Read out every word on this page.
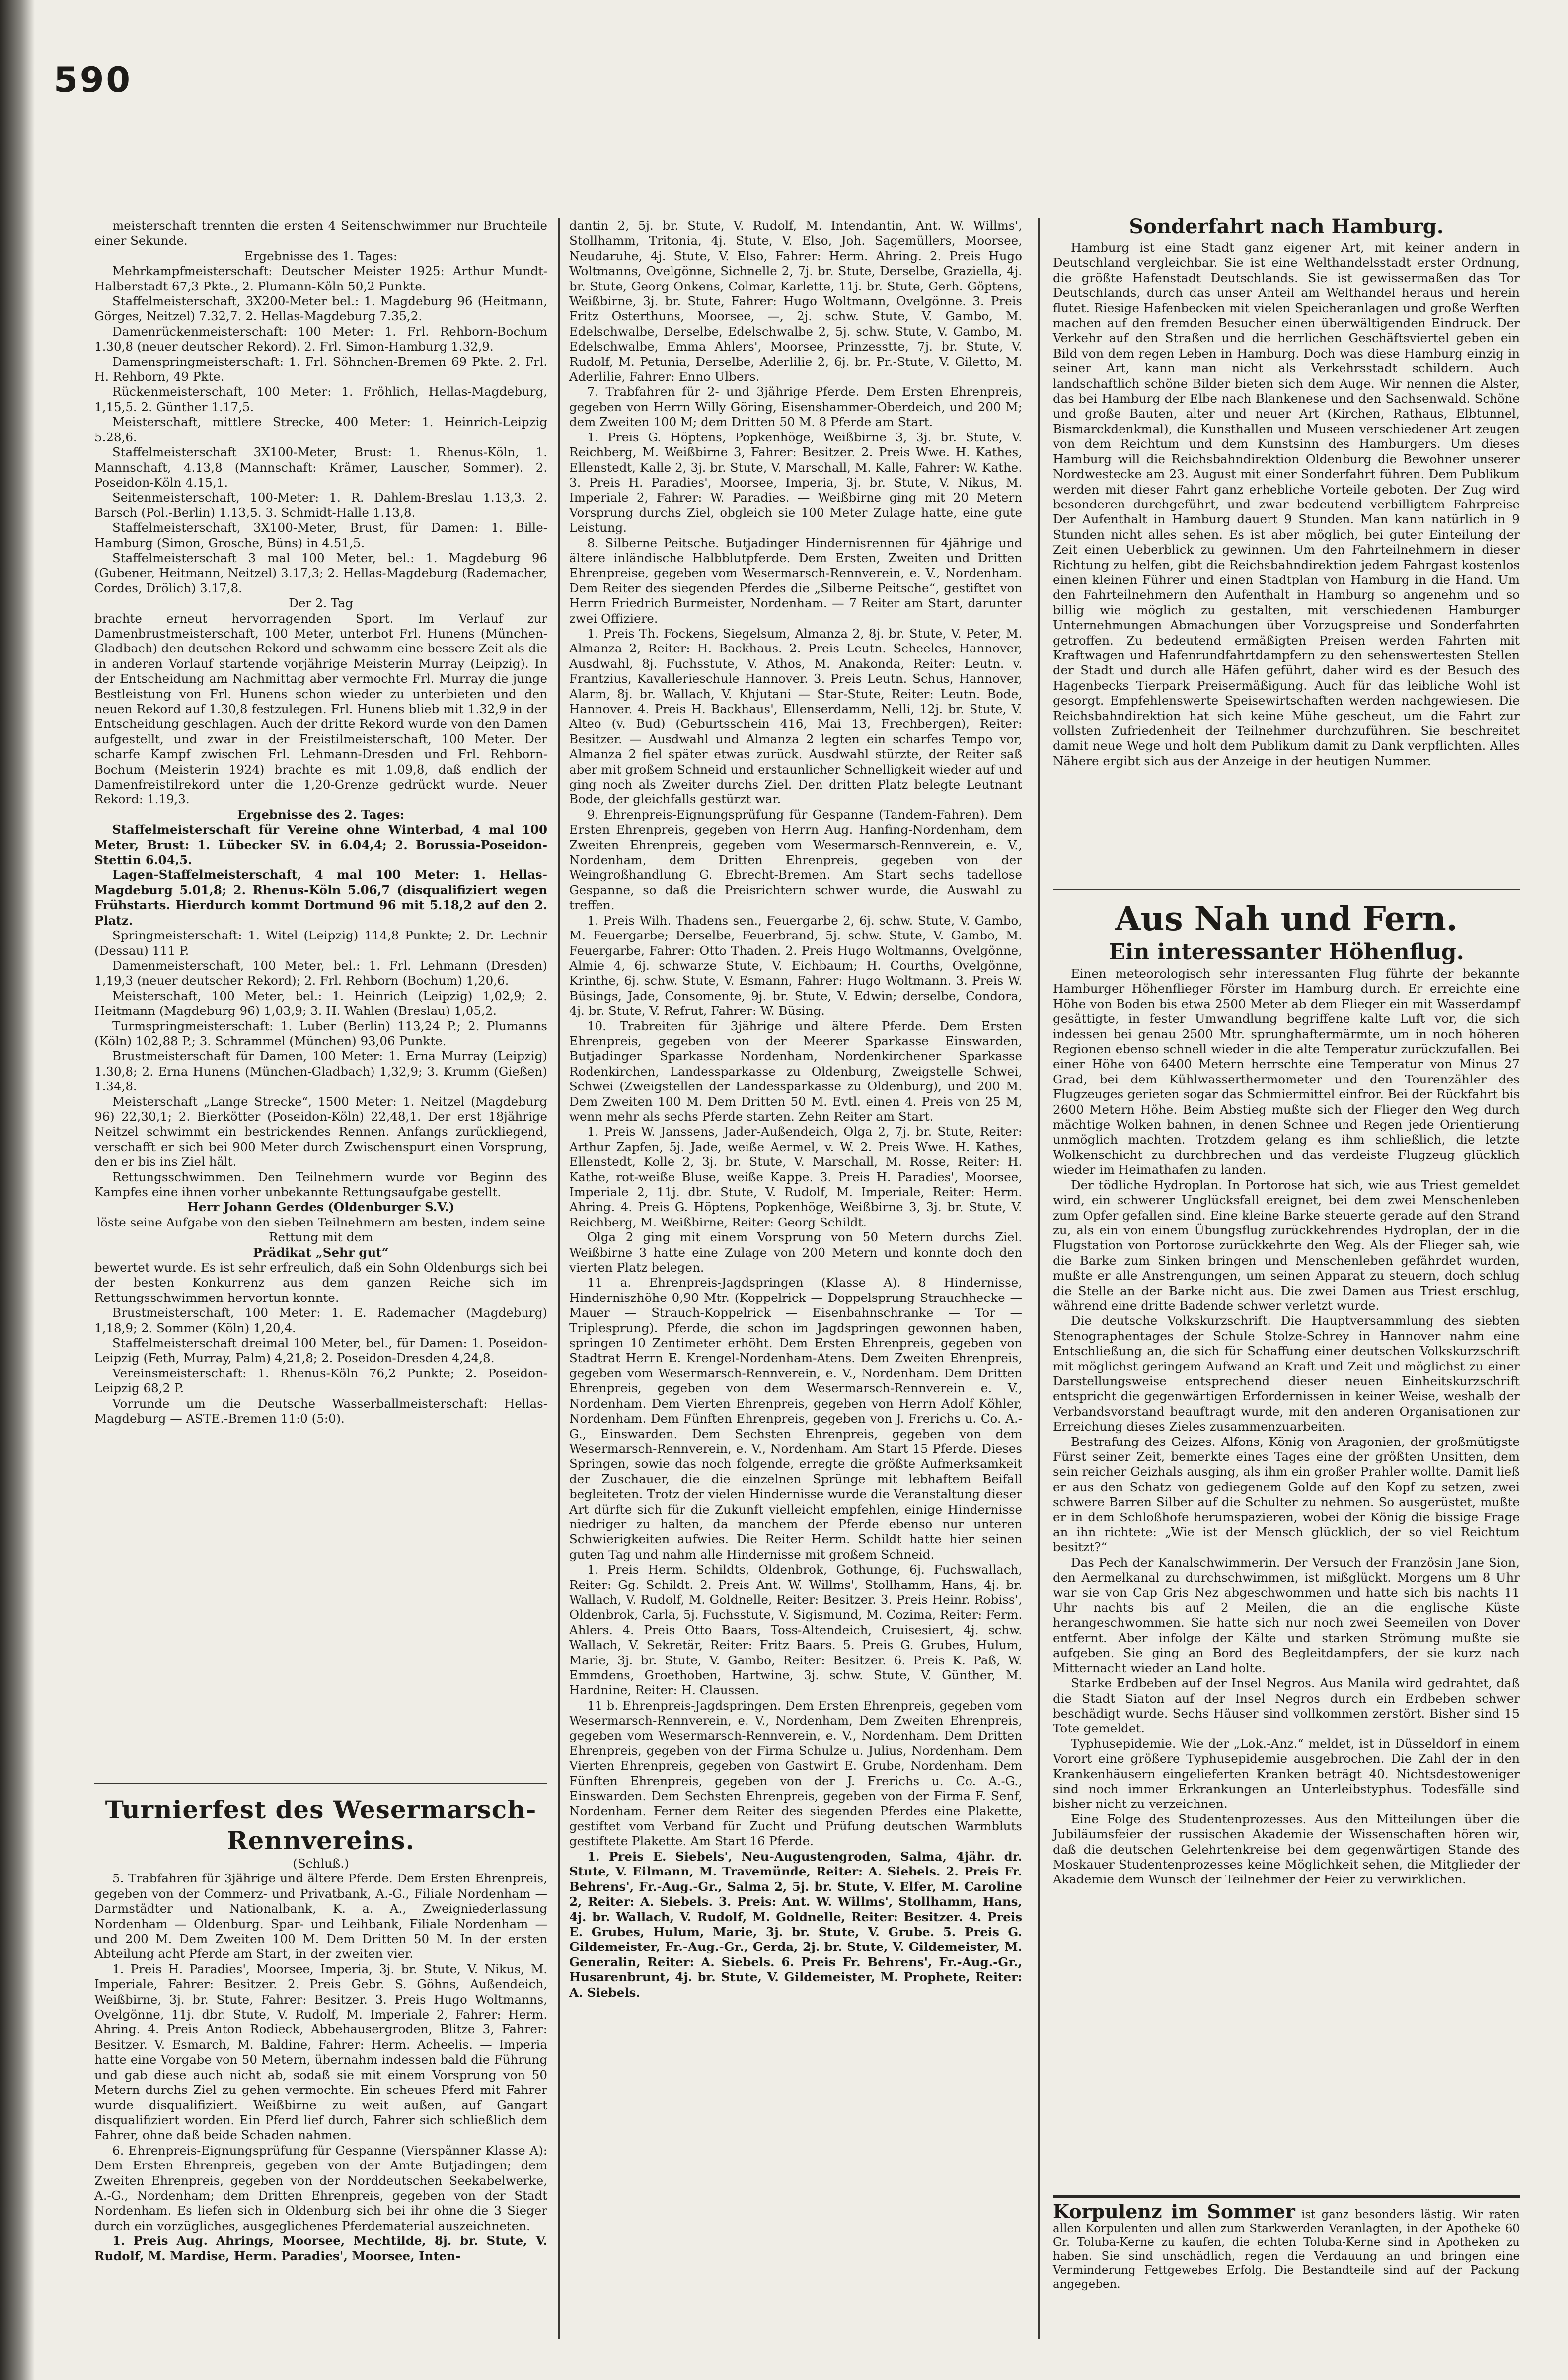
590

meisterschaft trennten die ersten 4 Seitenschwimmer nur Bruchteile einer Sekunde.

Ergebnisse des 1. Tages:

Mehrkampfmeisterschaft: Deutscher Meister 1925: Arthur Mundt-Halberstadt 67,3 Pkte., 2. Plumann-Köln 50,2 Punkte.

Staffelmeisterschaft, 3X200-Meter bel.: 1. Magdeburg 96 (Heitmann, Görges, Neitzel) 7.32,7. 2. Hellas-Magdeburg 7.35,2.

Damenrückenmeisterschaft: 100 Meter: 1. Frl. Rehborn-Bochum 1.30,8 (neuer deutscher Rekord). 2. Frl. Simon-Hamburg 1.32,9.

Damenspringmeisterschaft: 1. Frl. Söhnchen-Bremen 69 Pkte. 2. Frl. H. Rehborn, 49 Pkte.

Rückenmeisterschaft, 100 Meter: 1. Fröhlich, Hellas-Magdeburg, 1,15,5. 2. Günther 1.17,5.

Meisterschaft, mittlere Strecke, 400 Meter: 1. Heinrich-Leipzig 5.28,6.

Staffelmeisterschaft 3X100-Meter, Brust: 1. Rhenus-Köln, 1. Mannschaft, 4.13,8 (Mannschaft: Krämer, Lauscher, Sommer). 2. Poseidon-Köln 4.15,1.

Seitenmeisterschaft, 100-Meter: 1. R. Dahlem-Breslau 1.13,3. 2. Barsch (Pol.-Berlin) 1.13,5. 3. Schmidt-Halle 1.13,8.

Staffelmeisterschaft, 3X100-Meter, Brust, für Damen: 1. Bille-Hamburg (Simon, Grosche, Büns) in 4.51,5.

Staffelmeisterschaft 3 mal 100 Meter, bel.: 1. Magdeburg 96 (Gubener, Heitmann, Neitzel) 3.17,3; 2. Hellas-Magdeburg (Rademacher, Cordes, Drölich) 3.17,8.

Der 2. Tag

brachte erneut hervorragenden Sport. Im Verlauf zur Damenbrustmeisterschaft, 100 Meter, unterbot Frl. Hunens (München-Gladbach) den deutschen Rekord und schwamm eine bessere Zeit als die in anderen Vorlauf startende vorjährige Meisterin Murray (Leipzig). In der Entscheidung am Nachmittag aber vermochte Frl. Murray die junge Bestleistung von Frl. Hunens schon wieder zu unterbieten und den neuen Rekord auf 1.30,8 festzulegen. Frl. Hunens blieb mit 1.32,9 in der Entscheidung geschlagen. Auch der dritte Rekord wurde von den Damen aufgestellt, und zwar in der Freistilmeisterschaft, 100 Meter. Der scharfe Kampf zwischen Frl. Lehmann-Dresden und Frl. Rehborn-Bochum (Meisterin 1924) brachte es mit 1.09,8, daß endlich der Damenfreistilrekord unter die 1,20-Grenze gedrückt wurde. Neuer Rekord: 1.19,3.

Ergebnisse des 2. Tages:

Staffelmeisterschaft für Vereine ohne Winterbad, 4 mal 100 Meter, Brust: 1. Lübecker SV. in 6.04,4; 2. Borussia-Poseidon-Stettin 6.04,5.

Lagen-Staffelmeisterschaft, 4 mal 100 Meter: 1. Hellas-Magdeburg 5.01,8; 2. Rhenus-Köln 5.06,7 (disqualifiziert wegen Frühstarts. Hierdurch kommt Dortmund 96 mit 5.18,2 auf den 2. Platz.

Springmeisterschaft: 1. Witel (Leipzig) 114,8 Punkte; 2. Dr. Lechnir (Dessau) 111 P.

Damenmeisterschaft, 100 Meter, bel.: 1. Frl. Lehmann (Dresden) 1,19,3 (neuer deutscher Rekord); 2. Frl. Rehborn (Bochum) 1,20,6.

Meisterschaft, 100 Meter, bel.: 1. Heinrich (Leipzig) 1,02,9; 2. Heitmann (Magdeburg 96) 1,03,9; 3. H. Wahlen (Breslau) 1,05,2.

Turmspringmeisterschaft: 1. Luber (Berlin) 113,24 P.; 2. Plumanns (Köln) 102,88 P.; 3. Schrammel (München) 93,06 Punkte.

Brustmeisterschaft für Damen, 100 Meter: 1. Erna Murray (Leipzig) 1.30,8; 2. Erna Hunens (München-Gladbach) 1,32,9; 3. Krumm (Gießen) 1.34,8.

Meisterschaft „Lange Strecke“, 1500 Meter: 1. Neitzel (Magdeburg 96) 22,30,1; 2. Bierkötter (Poseidon-Köln) 22,48,1. Der erst 18jährige Neitzel schwimmt ein bestrickendes Rennen. Anfangs zurückliegend, verschafft er sich bei 900 Meter durch Zwischenspurt einen Vorsprung, den er bis ins Ziel hält.

Rettungsschwimmen. Den Teilnehmern wurde vor Beginn des Kampfes eine ihnen vorher unbekannte Rettungsaufgabe gestellt.

Herr Johann Gerdes (Oldenburger S.V.)

löste seine Aufgabe von den sieben Teilnehmern am besten, indem seine Rettung mit dem

Prädikat „Sehr gut“

bewertet wurde. Es ist sehr erfreulich, daß ein Sohn Oldenburgs sich bei der besten Konkurrenz aus dem ganzen Reiche sich im Rettungsschwimmen hervortun konnte.

Brustmeisterschaft, 100 Meter: 1. E. Rademacher (Magdeburg) 1,18,9; 2. Sommer (Köln) 1,20,4.

Staffelmeisterschaft dreimal 100 Meter, bel., für Damen: 1. Poseidon-Leipzig (Feth, Murray, Palm) 4,21,8; 2. Poseidon-Dresden 4,24,8.

Vereinsmeisterschaft: 1. Rhenus-Köln 76,2 Punkte; 2. Poseidon-Leipzig 68,2 P.

Vorrunde um die Deutsche Wasserballmeisterschaft: Hellas-Magdeburg — ASTE.-Bremen 11:0 (5:0).

Turnierfest des Wesermarsch-Rennvereins.
(Schluß.)

5. Trabfahren für 3jährige und ältere Pferde. Dem Ersten Ehrenpreis, gegeben von der Commerz- und Privatbank, A.-G., Filiale Nordenham — Darmstädter und Nationalbank, K. a. A., Zweigniederlassung Nordenham — Oldenburg. Spar- und Leihbank, Filiale Nordenham — und 200 M. Dem Zweiten 100 M. Dem Dritten 50 M. In der ersten Abteilung acht Pferde am Start, in der zweiten vier.

1. Preis H. Paradies', Moorsee, Imperia, 3j. br. Stute, V. Nikus, M. Imperiale, Fahrer: Besitzer. 2. Preis Gebr. S. Göhns, Außendeich, Weißbirne, 3j. br. Stute, Fahrer: Besitzer. 3. Preis Hugo Woltmanns, Ovelgönne, 11j. dbr. Stute, V. Rudolf, M. Imperiale 2, Fahrer: Herm. Ahring. 4. Preis Anton Rodieck, Abbehausergroden, Blitze 3, Fahrer: Besitzer. V. Esmarch, M. Baldine, Fahrer: Herm. Acheelis. — Imperia hatte eine Vorgabe von 50 Metern, übernahm indessen bald die Führung und gab diese auch nicht ab, sodaß sie mit einem Vorsprung von 50 Metern durchs Ziel zu gehen vermochte. Ein scheues Pferd mit Fahrer wurde disqualifiziert. Weißbirne zu weit außen, auf Gangart disqualifiziert worden. Ein Pferd lief durch, Fahrer sich schließlich dem Fahrer, ohne daß beide Schaden nahmen.

6. Ehrenpreis-Eignungsprüfung für Gespanne (Vierspänner Klasse A): Dem Ersten Ehrenpreis, gegeben von der Amte Butjadingen; dem Zweiten Ehrenpreis, gegeben von der Norddeutschen Seekabelwerke, A.-G., Nordenham; dem Dritten Ehrenpreis, gegeben von der Stadt Nordenham. Es liefen sich in Oldenburg sich bei ihr ohne die 3 Sieger durch ein vorzügliches, ausgeglichenes Pferdematerial auszeichneten.

1. Preis Aug. Ahrings, Moorsee, Mechtilde, 8j. br. Stute, V. Rudolf, M. Mardise, Herm. Paradies', Moorsee, Inten-

dantin 2, 5j. br. Stute, V. Rudolf, M. Intendantin, Ant. W. Willms', Stollhamm, Tritonia, 4j. Stute, V. Elso, Joh. Sagemüllers, Moorsee, Neudaruhe, 4j. Stute, V. Elso, Fahrer: Herm. Ahring. 2. Preis Hugo Woltmanns, Ovelgönne, Sichnelle 2, 7j. br. Stute, Derselbe, Graziella, 4j. br. Stute, Georg Onkens, Colmar, Karlette, 11j. br. Stute, Gerh. Göptens, Weißbirne, 3j. br. Stute, Fahrer: Hugo Woltmann, Ovelgönne. 3. Preis Fritz Osterthuns, Moorsee, —, 2j. schw. Stute, V. Gambo, M. Edelschwalbe, Derselbe, Edelschwalbe 2, 5j. schw. Stute, V. Gambo, M. Edelschwalbe, Emma Ahlers', Moorsee, Prinzesstte, 7j. br. Stute, V. Rudolf, M. Petunia, Derselbe, Aderlilie 2, 6j. br. Pr.-Stute, V. Giletto, M. Aderlilie, Fahrer: Enno Ulbers.

7. Trabfahren für 2- und 3jährige Pferde. Dem Ersten Ehrenpreis, gegeben von Herrn Willy Göring, Eisenshammer-Oberdeich, und 200 M; dem Zweiten 100 M; dem Dritten 50 M. 8 Pferde am Start.

1. Preis G. Höptens, Popkenhöge, Weißbirne 3, 3j. br. Stute, V. Reichberg, M. Weißbirne 3, Fahrer: Besitzer. 2. Preis Wwe. H. Kathes, Ellenstedt, Kalle 2, 3j. br. Stute, V. Marschall, M. Kalle, Fahrer: W. Kathe. 3. Preis H. Paradies', Moorsee, Imperia, 3j. br. Stute, V. Nikus, M. Imperiale 2, Fahrer: W. Paradies. — Weißbirne ging mit 20 Metern Vorsprung durchs Ziel, obgleich sie 100 Meter Zulage hatte, eine gute Leistung.

8. Silberne Peitsche. Butjadinger Hindernisrennen für 4jährige und ältere inländische Halbblutpferde. Dem Ersten, Zweiten und Dritten Ehrenpreise, gegeben vom Wesermarsch-Rennverein, e. V., Nordenham. Dem Reiter des siegenden Pferdes die „Silberne Peitsche“, gestiftet von Herrn Friedrich Burmeister, Nordenham. — 7 Reiter am Start, darunter zwei Offiziere.

1. Preis Th. Fockens, Siegelsum, Almanza 2, 8j. br. Stute, V. Peter, M. Almanza 2, Reiter: H. Backhaus. 2. Preis Leutn. Scheeles, Hannover, Ausdwahl, 8j. Fuchsstute, V. Athos, M. Anakonda, Reiter: Leutn. v. Frantzius, Kavallerieschule Hannover. 3. Preis Leutn. Schus, Hannover, Alarm, 8j. br. Wallach, V. Khjutani — Star-Stute, Reiter: Leutn. Bode, Hannover. 4. Preis H. Backhaus', Ellenserdamm, Nelli, 12j. br. Stute, V. Alteo (v. Bud) (Geburtsschein 416, Mai 13, Frechbergen), Reiter: Besitzer. — Ausdwahl und Almanza 2 legten ein scharfes Tempo vor, Almanza 2 fiel später etwas zurück. Ausdwahl stürzte, der Reiter saß aber mit großem Schneid und erstaunlicher Schnelligkeit wieder auf und ging noch als Zweiter durchs Ziel. Den dritten Platz belegte Leutnant Bode, der gleichfalls gestürzt war.

9. Ehrenpreis-Eignungsprüfung für Gespanne (Tandem-Fahren). Dem Ersten Ehrenpreis, gegeben von Herrn Aug. Hanfing-Nordenham, dem Zweiten Ehrenpreis, gegeben vom Wesermarsch-Rennverein, e. V., Nordenham, dem Dritten Ehrenpreis, gegeben von der Weingroßhandlung G. Ebrecht-Bremen. Am Start sechs tadellose Gespanne, so daß die Preisrichtern schwer wurde, die Auswahl zu treffen.

1. Preis Wilh. Thadens sen., Feuergarbe 2, 6j. schw. Stute, V. Gambo, M. Feuergarbe; Derselbe, Feuerbrand, 5j. schw. Stute, V. Gambo, M. Feuergarbe, Fahrer: Otto Thaden. 2. Preis Hugo Woltmanns, Ovelgönne, Almie 4, 6j. schwarze Stute, V. Eichbaum; H. Courths, Ovelgönne, Krinthe, 6j. schw. Stute, V. Esmann, Fahrer: Hugo Woltmann. 3. Preis W. Büsings, Jade, Consomente, 9j. br. Stute, V. Edwin; derselbe, Condora, 4j. br. Stute, V. Refrut, Fahrer: W. Büsing.

10. Trabreiten für 3jährige und ältere Pferde. Dem Ersten Ehrenpreis, gegeben von der Meerer Sparkasse Einswarden, Butjadinger Sparkasse Nordenham, Nordenkirchener Sparkasse Rodenkirchen, Landessparkasse zu Oldenburg, Zweigstelle Schwei, Schwei (Zweigstellen der Landessparkasse zu Oldenburg), und 200 M. Dem Zweiten 100 M. Dem Dritten 50 M. Evtl. einen 4. Preis von 25 M, wenn mehr als sechs Pferde starten. Zehn Reiter am Start.

1. Preis W. Janssens, Jader-Außendeich, Olga 2, 7j. br. Stute, Reiter: Arthur Zapfen, 5j. Jade, weiße Aermel, v. W. 2. Preis Wwe. H. Kathes, Ellenstedt, Kolle 2, 3j. br. Stute, V. Marschall, M. Rosse, Reiter: H. Kathe, rot-weiße Bluse, weiße Kappe. 3. Preis H. Paradies', Moorsee, Imperiale 2, 11j. dbr. Stute, V. Rudolf, M. Imperiale, Reiter: Herm. Ahring. 4. Preis G. Höptens, Popkenhöge, Weißbirne 3, 3j. br. Stute, V. Reichberg, M. Weißbirne, Reiter: Georg Schildt.

Olga 2 ging mit einem Vorsprung von 50 Metern durchs Ziel. Weißbirne 3 hatte eine Zulage von 200 Metern und konnte doch den vierten Platz belegen.

11 a. Ehrenpreis-Jagdspringen (Klasse A). 8 Hindernisse, Hinderniszhöhe 0,90 Mtr. (Koppelrick — Doppelsprung Strauchhecke — Mauer — Strauch-Koppelrick — Eisenbahnschranke — Tor — Triplesprung). Pferde, die schon im Jagdspringen gewonnen haben, springen 10 Zentimeter erhöht. Dem Ersten Ehrenpreis, gegeben von Stadtrat Herrn E. Krengel-Nordenham-Atens. Dem Zweiten Ehrenpreis, gegeben vom Wesermarsch-Rennverein, e. V., Nordenham. Dem Dritten Ehrenpreis, gegeben von dem Wesermarsch-Rennverein e. V., Nordenham. Dem Vierten Ehrenpreis, gegeben von Herrn Adolf Köhler, Nordenham. Dem Fünften Ehrenpreis, gegeben von J. Frerichs u. Co. A.-G., Einswarden. Dem Sechsten Ehrenpreis, gegeben von dem Wesermarsch-Rennverein, e. V., Nordenham. Am Start 15 Pferde. Dieses Springen, sowie das noch folgende, erregte die größte Aufmerksamkeit der Zuschauer, die die einzelnen Sprünge mit lebhaftem Beifall begleiteten. Trotz der vielen Hindernisse wurde die Veranstaltung dieser Art dürfte sich für die Zukunft vielleicht empfehlen, einige Hindernisse niedriger zu halten, da manchem der Pferde ebenso nur unteren Schwierigkeiten aufwies. Die Reiter Herm. Schildt hatte hier seinen guten Tag und nahm alle Hindernisse mit großem Schneid.

1. Preis Herm. Schildts, Oldenbrok, Gothunge, 6j. Fuchswallach, Reiter: Gg. Schildt. 2. Preis Ant. W. Willms', Stollhamm, Hans, 4j. br. Wallach, V. Rudolf, M. Goldnelle, Reiter: Besitzer. 3. Preis Heinr. Robiss', Oldenbrok, Carla, 5j. Fuchsstute, V. Sigismund, M. Cozima, Reiter: Ferm. Ahlers. 4. Preis Otto Baars, Toss-Altendeich, Cruisesiert, 4j. schw. Wallach, V. Sekretär, Reiter: Fritz Baars. 5. Preis G. Grubes, Hulum, Marie, 3j. br. Stute, V. Gambo, Reiter: Besitzer. 6. Preis K. Paß, W. Emmdens, Groethoben, Hartwine, 3j. schw. Stute, V. Günther, M. Hardnine, Reiter: H. Claussen.

11 b. Ehrenpreis-Jagdspringen. Dem Ersten Ehrenpreis, gegeben vom Wesermarsch-Rennverein, e. V., Nordenham, Dem Zweiten Ehrenpreis, gegeben vom Wesermarsch-Rennverein, e. V., Nordenham. Dem Dritten Ehrenpreis, gegeben von der Firma Schulze u. Julius, Nordenham. Dem Vierten Ehrenpreis, gegeben von Gastwirt E. Grube, Nordenham. Dem Fünften Ehrenpreis, gegeben von der J. Frerichs u. Co. A.-G., Einswarden. Dem Sechsten Ehrenpreis, gegeben von der Firma F. Senf, Nordenham. Ferner dem Reiter des siegenden Pferdes eine Plakette, gestiftet vom Verband für Zucht und Prüfung deutschen Warmbluts gestiftete Plakette. Am Start 16 Pferde.

1. Preis E. Siebels', Neu-Augustengroden, Salma, 4jähr. dr. Stute, V. Eilmann, M. Travemünde, Reiter: A. Siebels. 2. Preis Fr. Behrens', Fr.-Aug.-Gr., Salma 2, 5j. br. Stute, V. Elfer, M. Caroline 2, Reiter: A. Siebels. 3. Preis: Ant. W. Willms', Stollhamm, Hans, 4j. br. Wallach, V. Rudolf, M. Goldnelle, Reiter: Besitzer. 4. Preis E. Grubes, Hulum, Marie, 3j. br. Stute, V. Grube. 5. Preis G. Gildemeister, Fr.-Aug.-Gr., Gerda, 2j. br. Stute, V. Gildemeister, M. Generalin, Reiter: A. Siebels. 6. Preis Fr. Behrens', Fr.-Aug.-Gr., Husarenbrunt, 4j. br. Stute, V. Gildemeister, M. Prophete, Reiter: A. Siebels.

Sonderfahrt nach Hamburg.

Hamburg ist eine Stadt ganz eigener Art, mit keiner andern in Deutschland vergleichbar. Sie ist eine Welthandelsstadt erster Ordnung, die größte Hafenstadt Deutschlands. Sie ist gewissermaßen das Tor Deutschlands, durch das unser Anteil am Welthandel heraus und herein flutet. Riesige Hafenbecken mit vielen Speicheranlagen und große Werften machen auf den fremden Besucher einen überwältigenden Eindruck. Der Verkehr auf den Straßen und die herrlichen Geschäftsviertel geben ein Bild von dem regen Leben in Hamburg. Doch was diese Hamburg einzig in seiner Art, kann man nicht als Verkehrsstadt schildern. Auch landschaftlich schöne Bilder bieten sich dem Auge. Wir nennen die Alster, das bei Hamburg der Elbe nach Blankenese und den Sachsenwald. Schöne und große Bauten, alter und neuer Art (Kirchen, Rathaus, Elbtunnel, Bismarckdenkmal), die Kunsthallen und Museen verschiedener Art zeugen von dem Reichtum und dem Kunstsinn des Hamburgers. Um dieses Hamburg will die Reichsbahndirektion Oldenburg die Bewohner unserer Nordwestecke am 23. August mit einer Sonderfahrt führen. Dem Publikum werden mit dieser Fahrt ganz erhebliche Vorteile geboten. Der Zug wird besonderen durchgeführt, und zwar bedeutend verbilligtem Fahrpreise Der Aufenthalt in Hamburg dauert 9 Stunden. Man kann natürlich in 9 Stunden nicht alles sehen. Es ist aber möglich, bei guter Einteilung der Zeit einen Ueberblick zu gewinnen. Um den Fahrteilnehmern in dieser Richtung zu helfen, gibt die Reichsbahndirektion jedem Fahrgast kostenlos einen kleinen Führer und einen Stadtplan von Hamburg in die Hand. Um den Fahrteilnehmern den Aufenthalt in Hamburg so angenehm und so billig wie möglich zu gestalten, mit verschiedenen Hamburger Unternehmungen Abmachungen über Vorzugspreise und Sonderfahrten getroffen. Zu bedeutend ermäßigten Preisen werden Fahrten mit Kraftwagen und Hafenrundfahrtdampfern zu den sehenswertesten Stellen der Stadt und durch alle Häfen geführt, daher wird es der Besuch des Hagenbecks Tierpark Preisermäßigung. Auch für das leibliche Wohl ist gesorgt. Empfehlenswerte Speisewirtschaften werden nachgewiesen. Die Reichsbahndirektion hat sich keine Mühe gescheut, um die Fahrt zur vollsten Zufriedenheit der Teilnehmer durchzuführen. Sie beschreitet damit neue Wege und holt dem Publikum damit zu Dank verpflichten. Alles Nähere ergibt sich aus der Anzeige in der heutigen Nummer.

Aus Nah und Fern.
Ein interessanter Höhenflug.

Einen meteorologisch sehr interessanten Flug führte der bekannte Hamburger Höhenflieger Förster im Hamburg durch. Er erreichte eine Höhe von Boden bis etwa 2500 Meter ab dem Flieger ein mit Wasserdampf gesättigte, in fester Umwandlung begriffene kalte Luft vor, die sich indessen bei genau 2500 Mtr. sprunghaftermärmte, um in noch höheren Regionen ebenso schnell wieder in die alte Temperatur zurückzufallen. Bei einer Höhe von 6400 Metern herrschte eine Temperatur von Minus 27 Grad, bei dem Kühlwasserthermometer und den Tourenzähler des Flugzeuges gerieten sogar das Schmiermittel einfror. Bei der Rückfahrt bis 2600 Metern Höhe. Beim Abstieg mußte sich der Flieger den Weg durch mächtige Wolken bahnen, in denen Schnee und Regen jede Orientierung unmöglich machten. Trotzdem gelang es ihm schließlich, die letzte Wolkenschicht zu durchbrechen und das verdeiste Flugzeug glücklich wieder im Heimathafen zu landen.

Der tödliche Hydroplan. In Portorose hat sich, wie aus Triest gemeldet wird, ein schwerer Unglücksfall ereignet, bei dem zwei Menschenleben zum Opfer gefallen sind. Eine kleine Barke steuerte gerade auf den Strand zu, als ein von einem Übungsflug zurückkehrendes Hydroplan, der in die Flugstation von Portorose zurückkehrte den Weg. Als der Flieger sah, wie die Barke zum Sinken bringen und Menschenleben gefährdet wurden, mußte er alle Anstrengungen, um seinen Apparat zu steuern, doch schlug die Stelle an der Barke nicht aus. Die zwei Damen aus Triest erschlug, während eine dritte Badende schwer verletzt wurde.

Die deutsche Volkskurzschrift. Die Hauptversammlung des siebten Stenographentages der Schule Stolze-Schrey in Hannover nahm eine Entschließung an, die sich für Schaffung einer deutschen Volkskurzschrift mit möglichst geringem Aufwand an Kraft und Zeit und möglichst zu einer Darstellungsweise entsprechend dieser neuen Einheitskurzschrift entspricht die gegenwärtigen Erfordernissen in keiner Weise, weshalb der Verbandsvorstand beauftragt wurde, mit den anderen Organisationen zur Erreichung dieses Zieles zusammenzuarbeiten.

Bestrafung des Geizes. Alfons, König von Aragonien, der großmütigste Fürst seiner Zeit, bemerkte eines Tages eine der größten Unsitten, dem sein reicher Geizhals ausging, als ihm ein großer Prahler wollte. Damit ließ er aus den Schatz von gediegenem Golde auf den Kopf zu setzen, zwei schwere Barren Silber auf die Schulter zu nehmen. So ausgerüstet, mußte er in dem Schloßhofe herumspazieren, wobei der König die bissige Frage an ihn richtete: „Wie ist der Mensch glücklich, der so viel Reichtum besitzt?“

Das Pech der Kanalschwimmerin. Der Versuch der Französin Jane Sion, den Aermelkanal zu durchschwimmen, ist mißglückt. Morgens um 8 Uhr war sie von Cap Gris Nez abgeschwommen und hatte sich bis nachts 11 Uhr nachts bis auf 2 Meilen, die an die englische Küste herangeschwommen. Sie hatte sich nur noch zwei Seemeilen von Dover entfernt. Aber infolge der Kälte und starken Strömung mußte sie aufgeben. Sie ging an Bord des Begleitdampfers, der sie kurz nach Mitternacht wieder an Land holte.

Starke Erdbeben auf der Insel Negros. Aus Manila wird gedrahtet, daß die Stadt Siaton auf der Insel Negros durch ein Erdbeben schwer beschädigt wurde. Sechs Häuser sind vollkommen zerstört. Bisher sind 15 Tote gemeldet.

Typhusepidemie. Wie der „Lok.-Anz.“ meldet, ist in Düsseldorf in einem Vorort eine größere Typhusepidemie ausgebrochen. Die Zahl der in den Krankenhäusern eingelieferten Kranken beträgt 40. Nichtsdestoweniger sind noch immer Erkrankungen an Unterleibstyphus. Todesfälle sind bisher nicht zu verzeichnen.

Eine Folge des Studentenprozesses. Aus den Mitteilungen über die Jubiläumsfeier der russischen Akademie der Wissenschaften hören wir, daß die deutschen Gelehrtenkreise bei dem gegenwärtigen Stande des Moskauer Studentenprozesses keine Möglichkeit sehen, die Mitglieder der Akademie dem Wunsch der Teilnehmer der Feier zu verwirklichen.

Korpulenz im Sommer ist ganz besonders lästig. Wir raten allen Korpulenten und allen zum Starkwerden Veranlagten, in der Apotheke 60 Gr. Toluba-Kerne zu kaufen, die echten Toluba-Kerne sind in Apotheken zu haben. Sie sind unschädlich, regen die Verdauung an und bringen eine Verminderung Fettgewebes Erfolg. Die Bestandteile sind auf der Packung angegeben.
